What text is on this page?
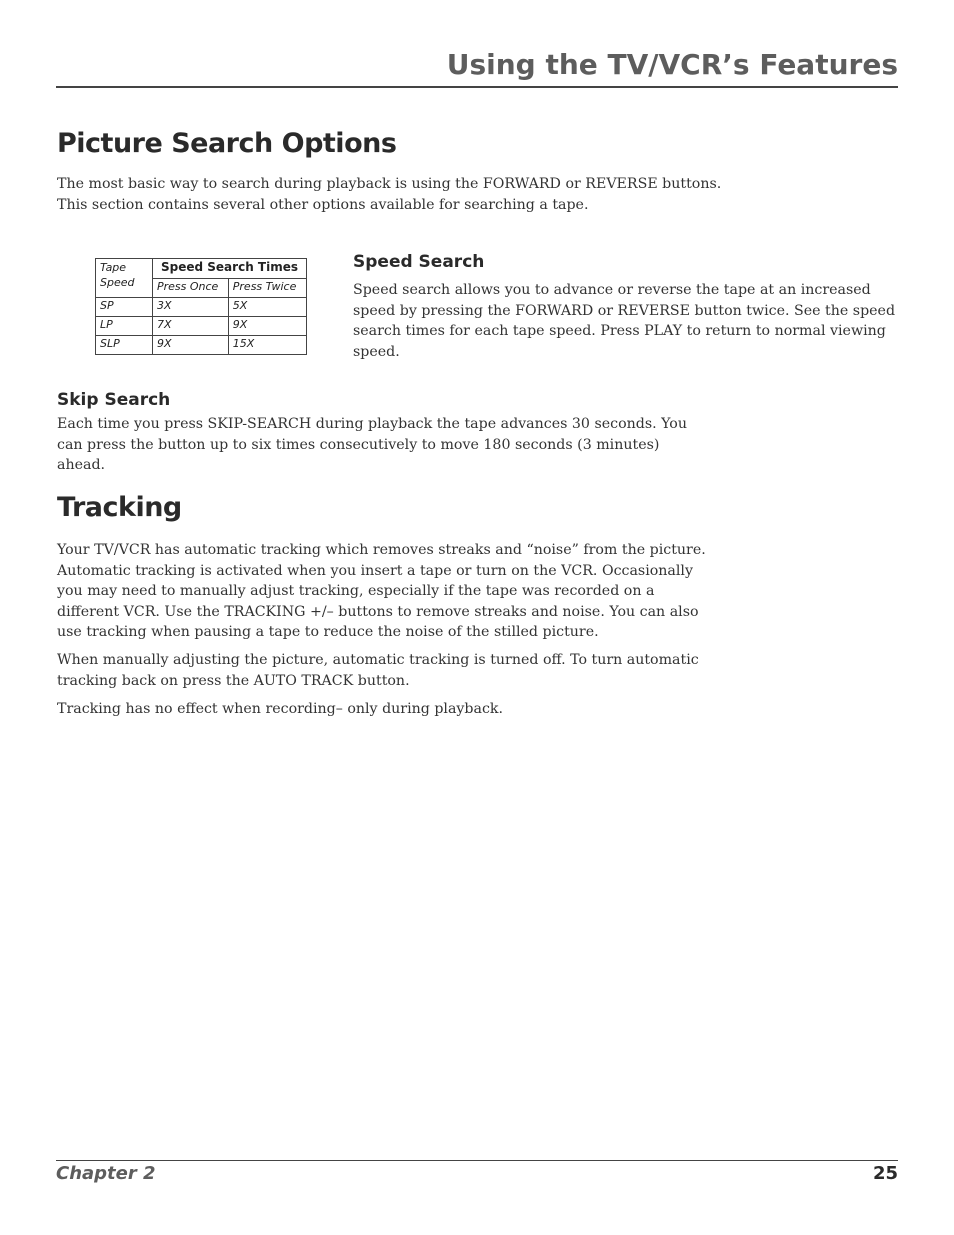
Using the TV/VCR’s Features
Picture Search Options

The most basic way to search during playback is using the FORWARD or REVERSE buttons. This section contains several other options available for searching a tape.

Tape
Speed	Speed Search Times	
	Press Once	Press Twice
SP	3X	5X
LP	7X	9X
SLP	9X	15X
Speed Search

Speed search allows you to advance or reverse the tape at an increased speed by pressing the FORWARD or REVERSE button twice. See the speed search times for each tape speed. Press PLAY to return to normal viewing speed.

Skip Search

Each time you press SKIP-SEARCH during playback the tape advances 30 seconds. You can press the button up to six times consecutively to move 180 seconds (3 minutes) ahead.

Tracking

Your TV/VCR has automatic tracking which removes streaks and “noise” from the picture. Automatic tracking is activated when you insert a tape or turn on the VCR. Occasionally you may need to manually adjust tracking, especially if the tape was recorded on a different VCR. Use the TRACKING +/– buttons to remove streaks and noise. You can also use tracking when pausing a tape to reduce the noise of the stilled picture.

When manually adjusting the picture, automatic tracking is turned off. To turn automatic tracking back on press the AUTO TRACK button.

Tracking has no effect when recording– only during playback.

Chapter 2	25
